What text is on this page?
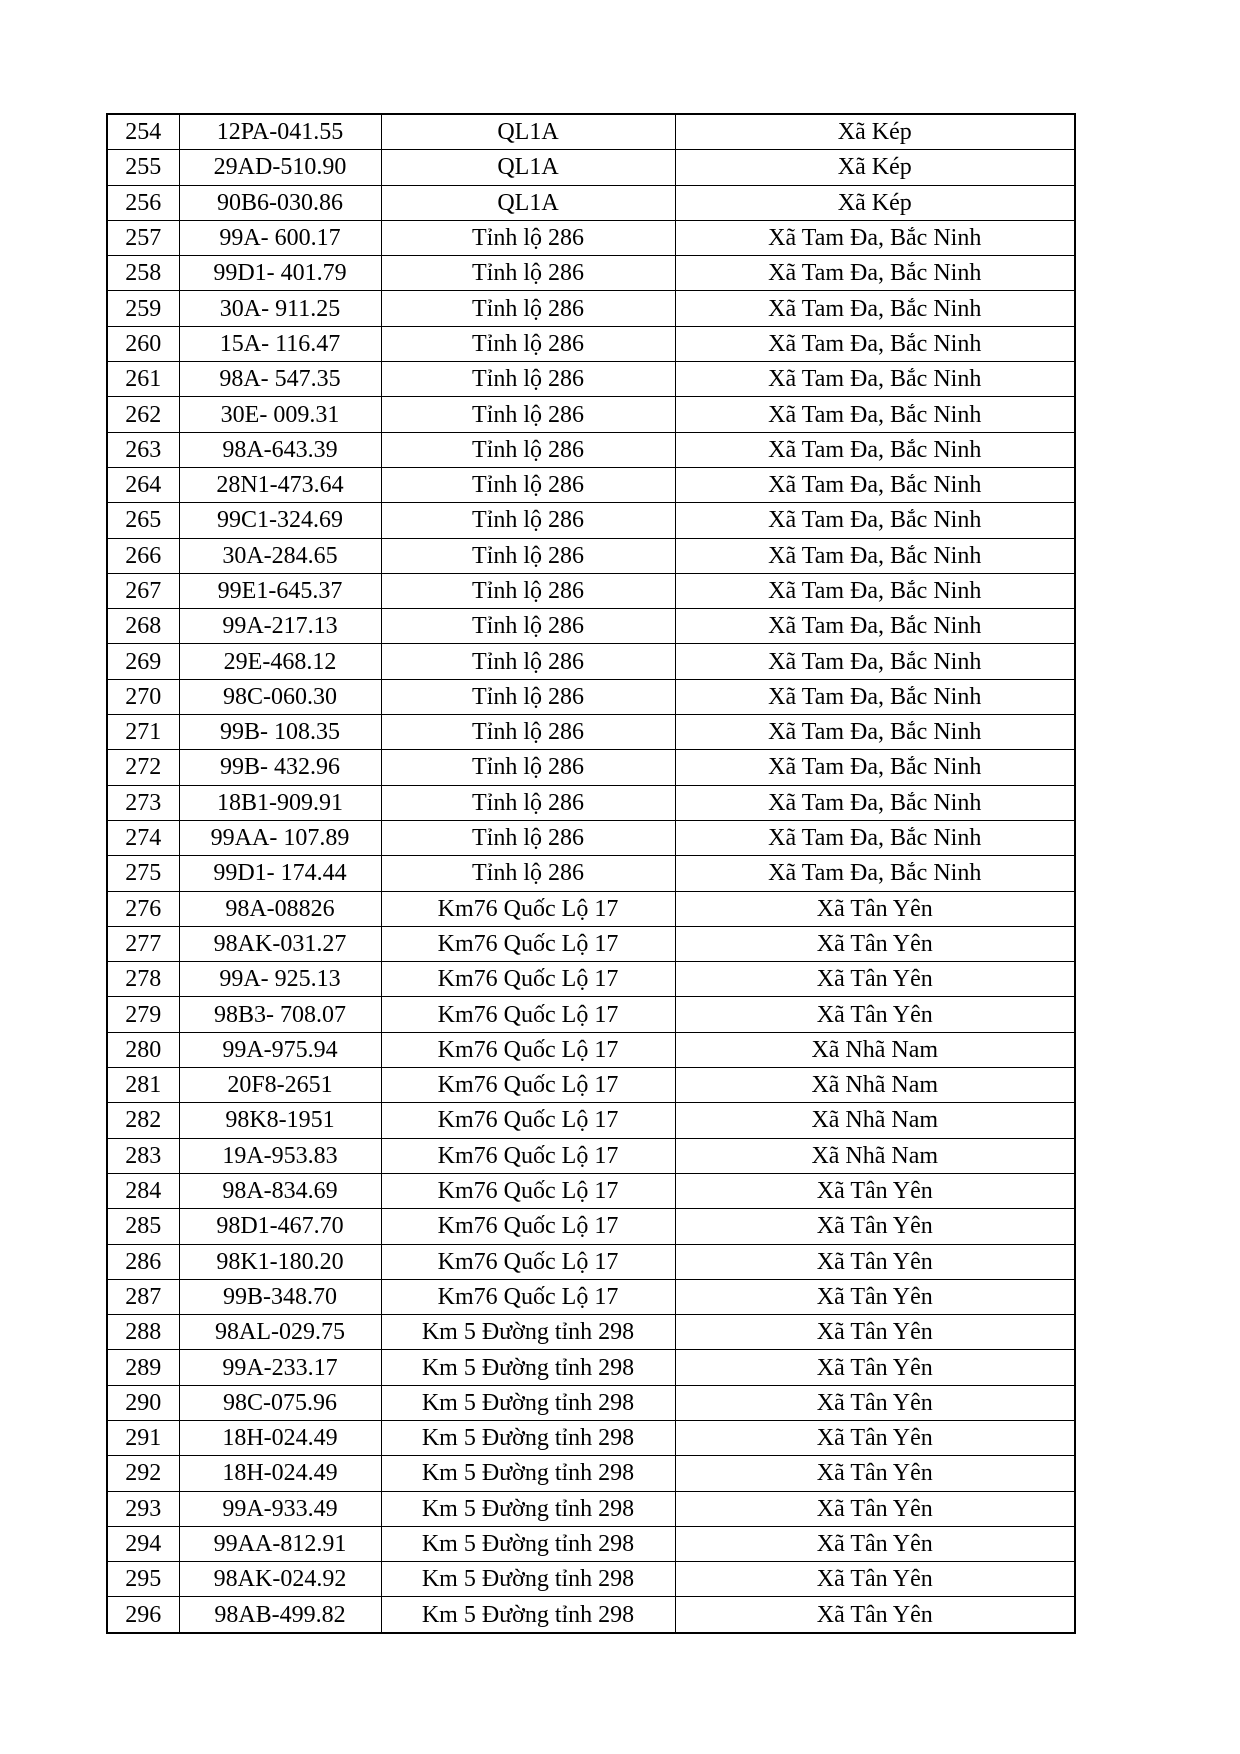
254	12PA-041.55	QL1A	Xã Kép
255	29AD-510.90	QL1A	Xã Kép
256	90B6-030.86	QL1A	Xã Kép
257	99A- 600.17	Tỉnh lộ 286	Xã Tam Đa, Bắc Ninh
258	99D1- 401.79	Tỉnh lộ 286	Xã Tam Đa, Bắc Ninh
259	30A- 911.25	Tỉnh lộ 286	Xã Tam Đa, Bắc Ninh
260	15A- 116.47	Tỉnh lộ 286	Xã Tam Đa, Bắc Ninh
261	98A- 547.35	Tỉnh lộ 286	Xã Tam Đa, Bắc Ninh
262	30E- 009.31	Tỉnh lộ 286	Xã Tam Đa, Bắc Ninh
263	98A-643.39	Tỉnh lộ 286	Xã Tam Đa, Bắc Ninh
264	28N1-473.64	Tỉnh lộ 286	Xã Tam Đa, Bắc Ninh
265	99C1-324.69	Tỉnh lộ 286	Xã Tam Đa, Bắc Ninh
266	30A-284.65	Tỉnh lộ 286	Xã Tam Đa, Bắc Ninh
267	99E1-645.37	Tỉnh lộ 286	Xã Tam Đa, Bắc Ninh
268	99A-217.13	Tỉnh lộ 286	Xã Tam Đa, Bắc Ninh
269	29E-468.12	Tỉnh lộ 286	Xã Tam Đa, Bắc Ninh
270	98C-060.30	Tỉnh lộ 286	Xã Tam Đa, Bắc Ninh
271	99B- 108.35	Tỉnh lộ 286	Xã Tam Đa, Bắc Ninh
272	99B- 432.96	Tỉnh lộ 286	Xã Tam Đa, Bắc Ninh
273	18B1-909.91	Tỉnh lộ 286	Xã Tam Đa, Bắc Ninh
274	99AA- 107.89	Tỉnh lộ 286	Xã Tam Đa, Bắc Ninh
275	99D1- 174.44	Tỉnh lộ 286	Xã Tam Đa, Bắc Ninh
276	98A-08826	Km76 Quốc Lộ 17	Xã Tân Yên
277	98AK-031.27	Km76 Quốc Lộ 17	Xã Tân Yên
278	99A- 925.13	Km76 Quốc Lộ 17	Xã Tân Yên
279	98B3- 708.07	Km76 Quốc Lộ 17	Xã Tân Yên
280	99A-975.94	Km76 Quốc Lộ 17	Xã Nhã Nam
281	20F8-2651	Km76 Quốc Lộ 17	Xã Nhã Nam
282	98K8-1951	Km76 Quốc Lộ 17	Xã Nhã Nam
283	19A-953.83	Km76 Quốc Lộ 17	Xã Nhã Nam
284	98A-834.69	Km76 Quốc Lộ 17	Xã Tân Yên
285	98D1-467.70	Km76 Quốc Lộ 17	Xã Tân Yên
286	98K1-180.20	Km76 Quốc Lộ 17	Xã Tân Yên
287	99B-348.70	Km76 Quốc Lộ 17	Xã Tân Yên
288	98AL-029.75	Km 5 Đường tỉnh 298	Xã Tân Yên
289	99A-233.17	Km 5 Đường tỉnh 298	Xã Tân Yên
290	98C-075.96	Km 5 Đường tỉnh 298	Xã Tân Yên
291	18H-024.49	Km 5 Đường tỉnh 298	Xã Tân Yên
292	18H-024.49	Km 5 Đường tỉnh 298	Xã Tân Yên
293	99A-933.49	Km 5 Đường tỉnh 298	Xã Tân Yên
294	99AA-812.91	Km 5 Đường tỉnh 298	Xã Tân Yên
295	98AK-024.92	Km 5 Đường tỉnh 298	Xã Tân Yên
296	98AB-499.82	Km 5 Đường tỉnh 298	Xã Tân Yên
